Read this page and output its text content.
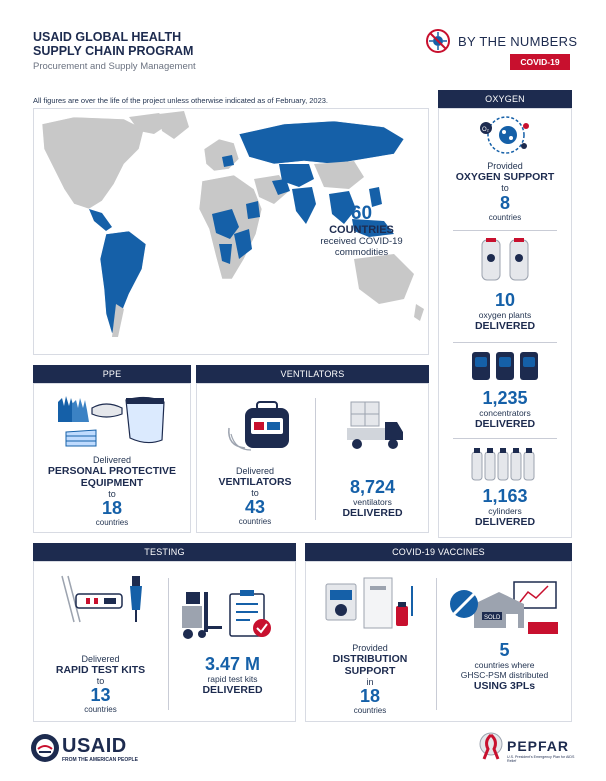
USAID GLOBAL HEALTH
SUPPLY CHAIN PROGRAM
Procurement and Supply Management
BY THE NUMBERS
COVID-19
All figures are over the life of the project unless otherwise indicated as of February, 2023.
60
COUNTRIES
received COVID-19
commodities
OXYGEN
O₂
Provided
OXYGEN SUPPORT
to
8
countries
10
oxygen plants
DELIVERED
1,235
concentrators
DELIVERED
1,163
cylinders
DELIVERED
PPE
Delivered
PERSONAL PROTECTIVE
EQUIPMENT
to
18
countries
VENTILATORS
Delivered
VENTILATORS
to
43
countries
8,724
ventilators
DELIVERED
TESTING
Delivered
RAPID TEST KITS
to
13
countries
3.47 M
rapid test kits
DELIVERED
COVID-19 VACCINES
Provided
DISTRIBUTION
SUPPORT
in
18
countries
SOLD
5
countries where
GHSC-PSM distributed
USING 3PLs
USAID
FROM THE AMERICAN PEOPLE
PEPFAR
U.S. President's Emergency Plan for AIDS Relief
